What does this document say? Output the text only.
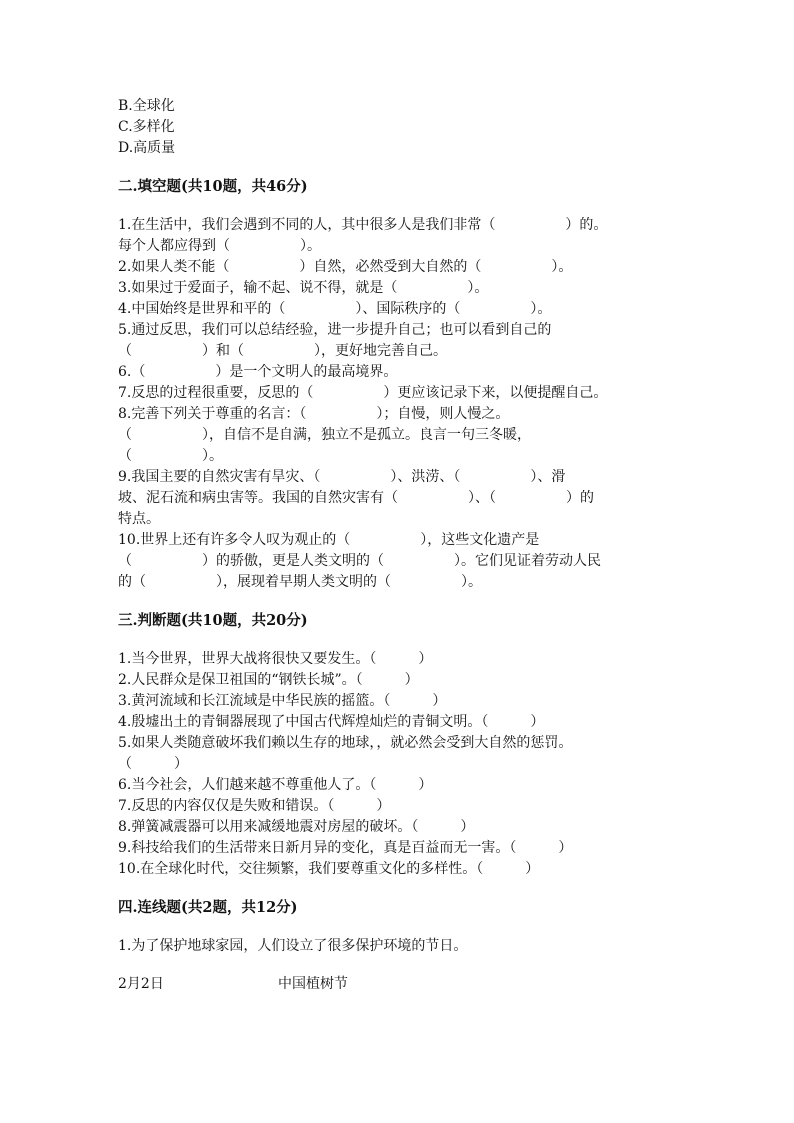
B.全球化
C.多样化
D.高质量
二.填空题(共10题，共46分)
1.在生活中，我们会遇到不同的人，其中很多人是我们非常（　　　　　）的。
每个人都应得到（　　　　　）。
2.如果人类不能（　　　　　）自然，必然受到大自然的（　　　　　）。
3.如果过于爱面子，输不起、说不得，就是（　　　　　）。
4.中国始终是世界和平的（　　　　　）、国际秩序的（　　　　　）。
5.通过反思，我们可以总结经验，进一步提升自己；也可以看到自己的
（　　　　　）和（　　　　　），更好地完善自己。
6.（　　　　　）是一个文明人的最高境界。
7.反思的过程很重要，反思的（　　　　　）更应该记录下来，以便提醒自己。
8.完善下列关于尊重的名言：（　　　　　）；自慢，则人慢之。
（　　　　　），自信不是自满，独立不是孤立。良言一句三冬暖，
（　　　　　）。
9.我国主要的自然灾害有旱灾、（　　　　　）、洪涝、（　　　　　）、滑
坡、泥石流和病虫害等。我国的自然灾害有（　　　　　）、（　　　　　）的
特点。
10.世界上还有许多令人叹为观止的（　　　　　），这些文化遗产是
（　　　　　）的骄傲，更是人类文明的（　　　　　）。它们见证着劳动人民
的（　　　　　），展现着早期人类文明的（　　　　　）。
三.判断题(共10题，共20分)
1.当今世界，世界大战将很快又要发生。（　　　）
2.人民群众是保卫祖国的“钢铁长城”。（　　　）
3.黄河流域和长江流域是中华民族的摇篮。（　　　）
4.殷墟出土的青铜器展现了中国古代辉煌灿烂的青铜文明。（　　　）
5.如果人类随意破坏我们赖以生存的地球，，就必然会受到大自然的惩罚。
（　　　）
6.当今社会，人们越来越不尊重他人了。（　　　）
7.反思的内容仅仅是失败和错误。（　　　）
8.弹簧减震器可以用来减缓地震对房屋的破坏。（　　　）
9.科技给我们的生活带来日新月异的变化，真是百益而无一害。（　　　）
10.在全球化时代，交往频繁，我们要尊重文化的多样性。（　　　）
四.连线题(共2题，共12分)
1.为了保护地球家园，人们设立了很多保护环境的节日。
2月2日	中国植树节
